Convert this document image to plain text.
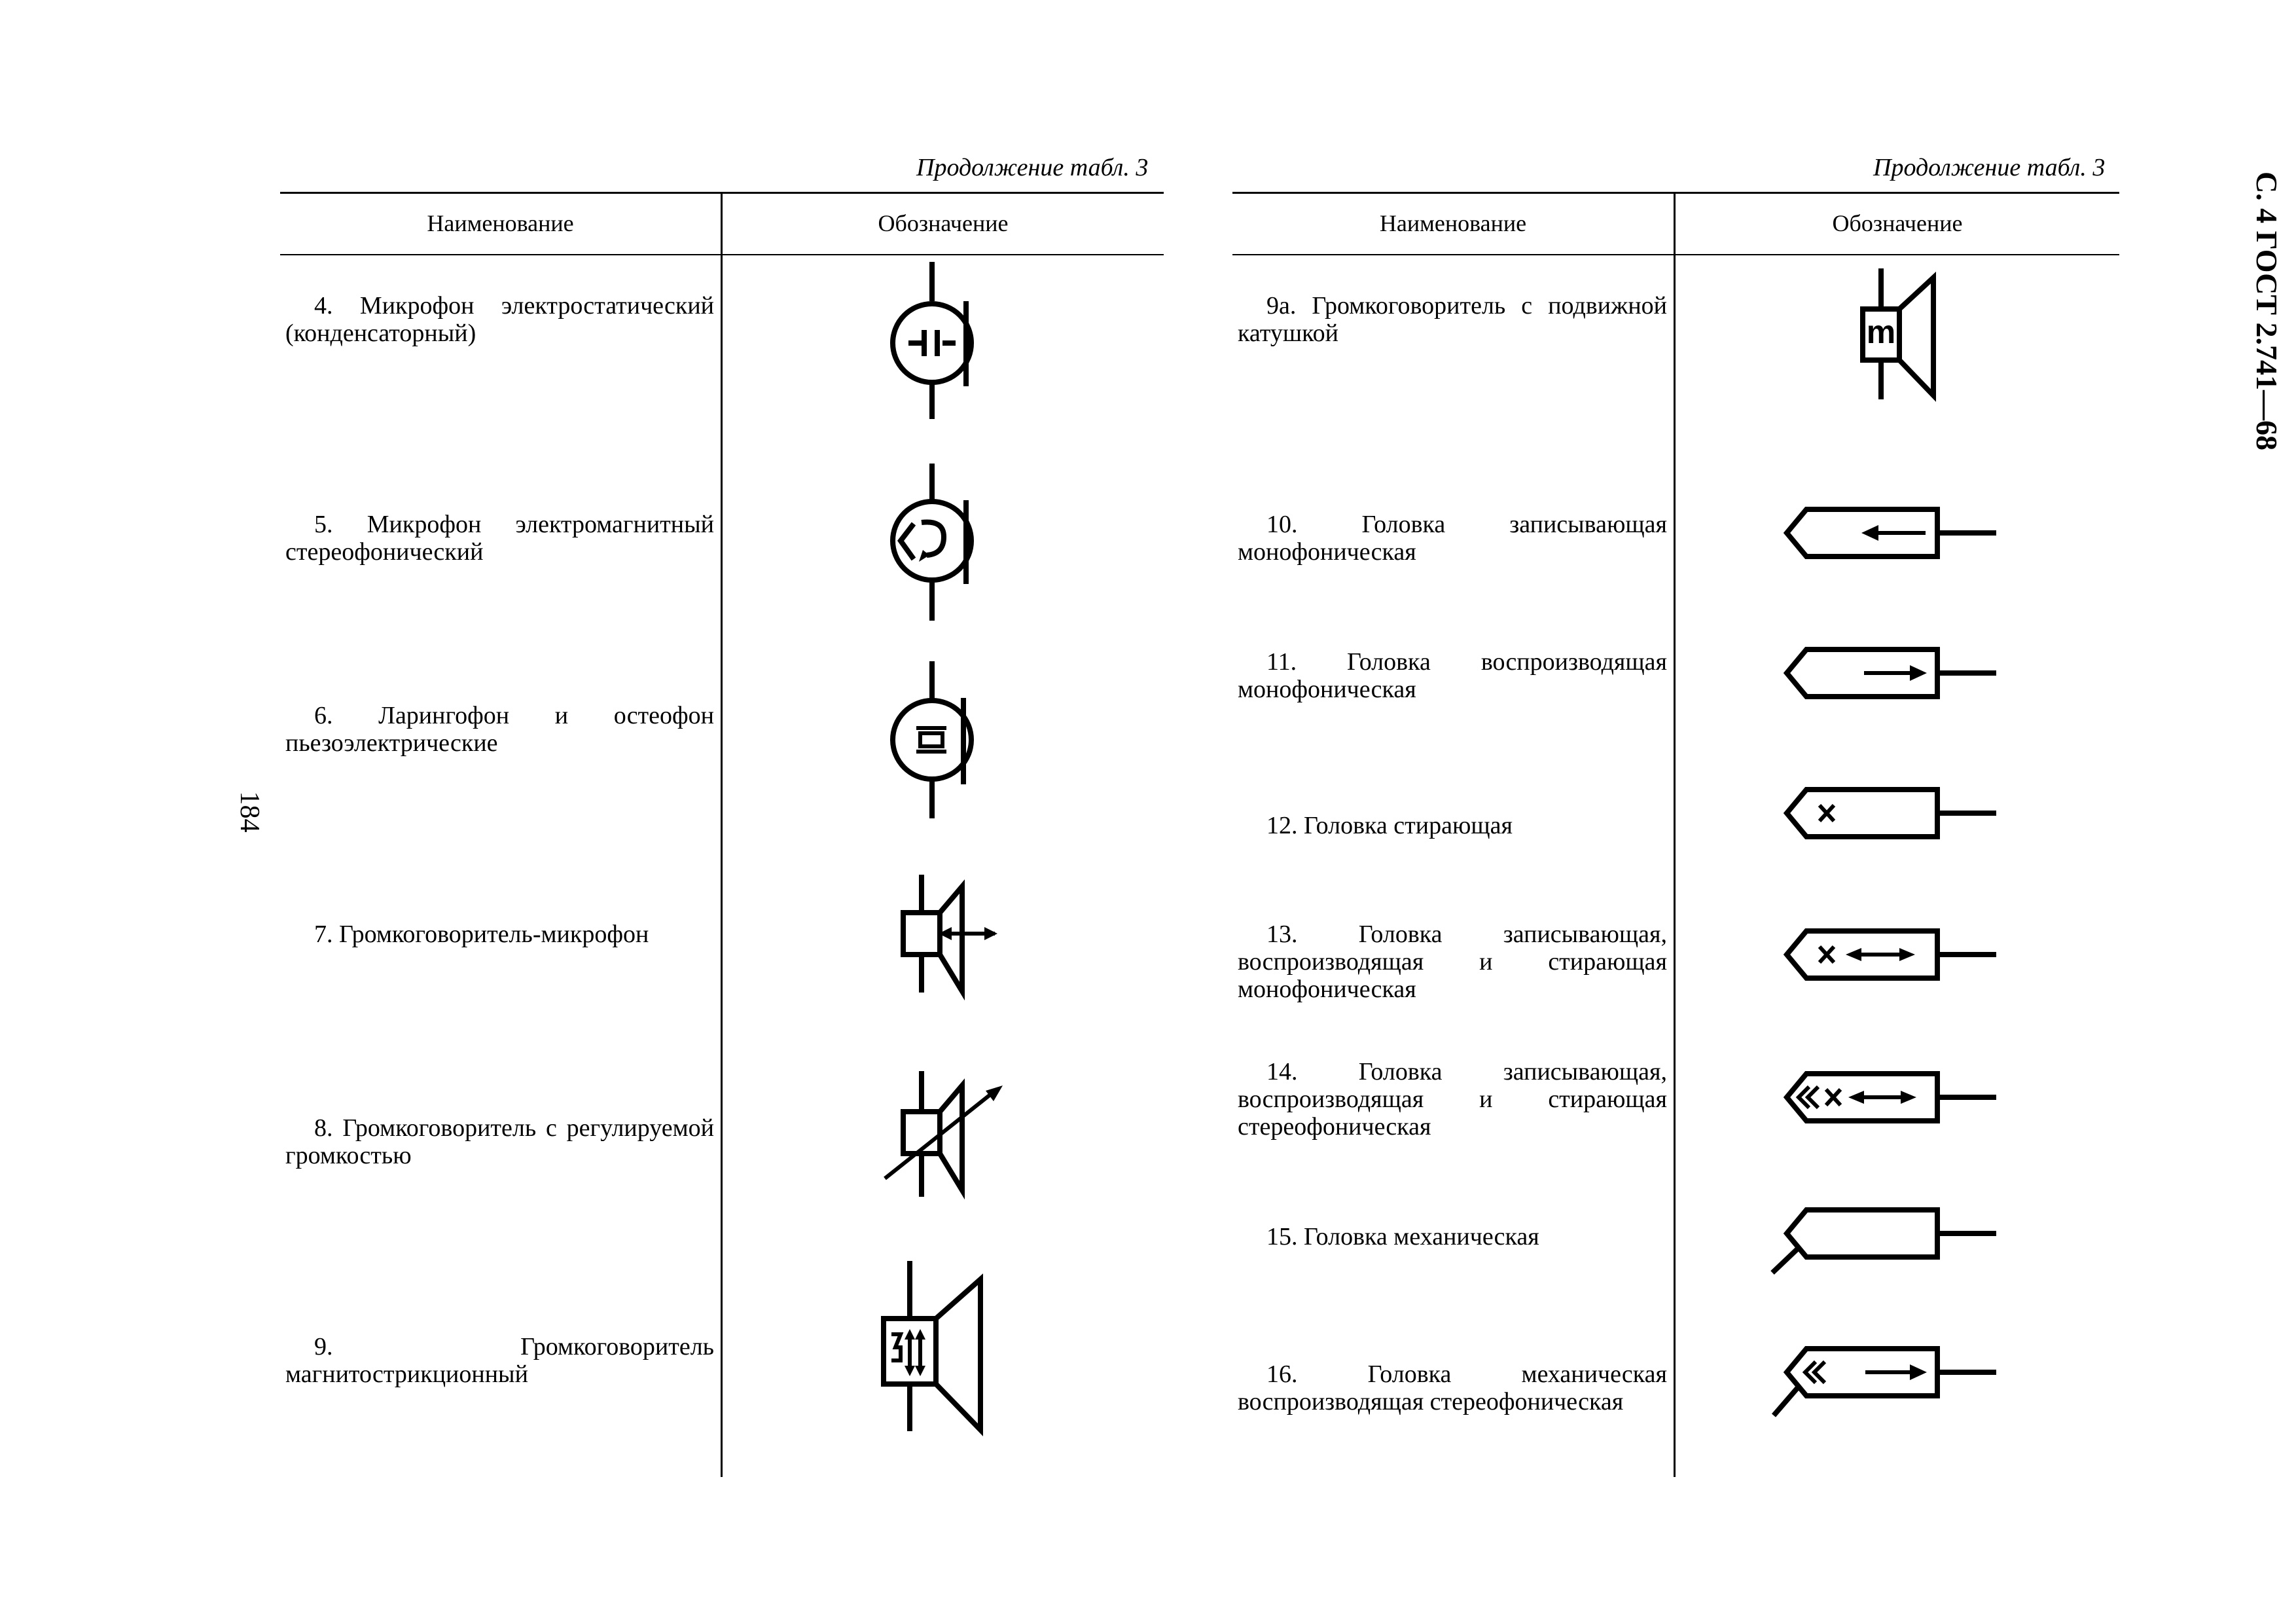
Продолжение табл. 3	Продолжение табл. 3
С. 4 ГОСТ 2.741—68
184
Наименование	Обозначение
4. Микрофон электростатический (конденсаторный)
5. Микрофон электромагнитный стереофонический
6. Ларингофон и остеофон пьезоэлектрические
7. Громкоговоритель-микрофон
8. Громкоговоритель с регулируемой громкостью
9. Громкоговоритель магнитострикционный
Наименование	Обозначение
9а. Громкоговоритель с подвижной катушкой
10. Головка записывающая монофоническая
11. Головка воспроизводящая монофоническая
12. Головка стирающая
13. Головка записывающая, воспроизводящая и стирающая монофоническая
14. Головка записывающая, воспроизводящая и стирающая стереофоническая
15. Головка механическая
16. Головка механическая воспроизводящая стереофоническая
m
